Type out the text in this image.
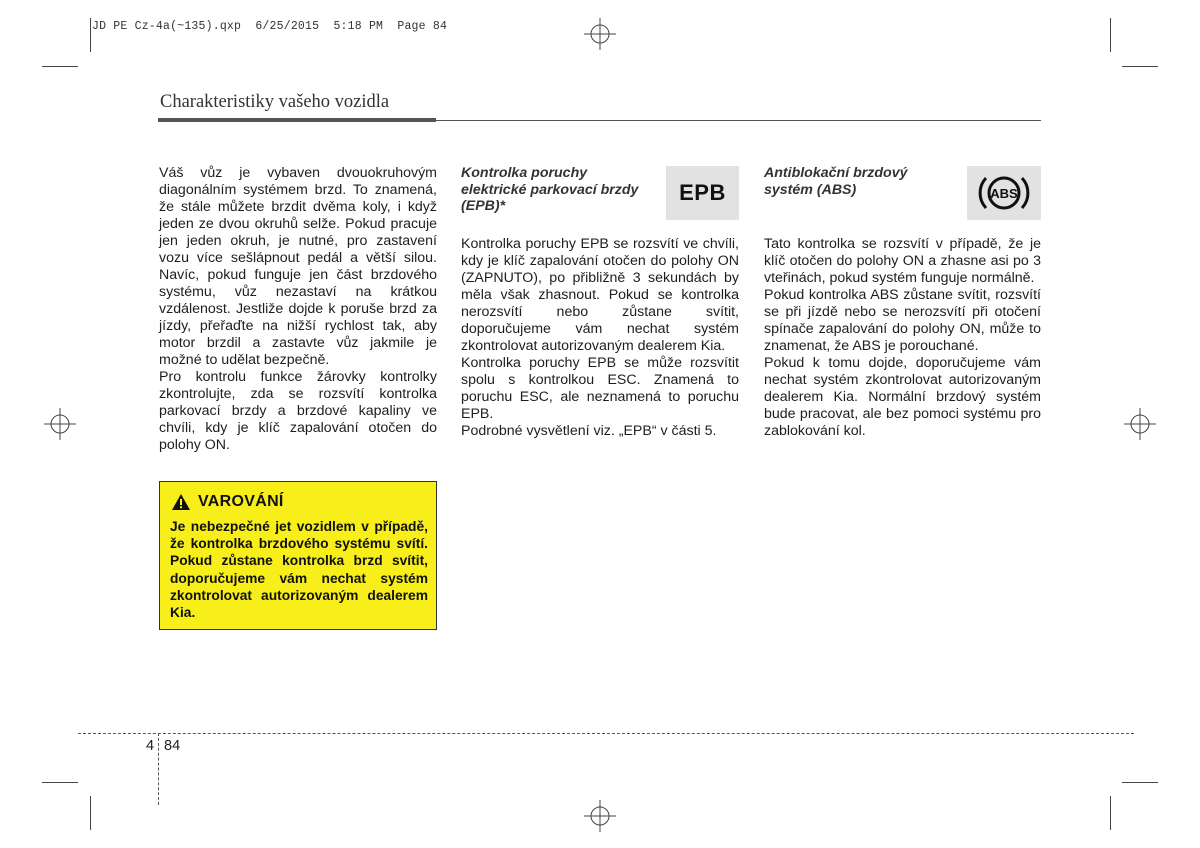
JD PE Cz-4a(~135).qxp  6/25/2015  5:18 PM  Page 84
Charakteristiky vašeho vozidla

Váš vůz je vybaven dvouokruhovým diagonálním systémem brzd. To znamená, že stále můžete brzdit dvěma koly, i když jeden ze dvou okruhů selže. Pokud pracuje jen jeden okruh, je nutné, pro zastavení vozu více sešlápnout pedál a větší silou. Navíc, pokud funguje jen část brzdového systému, vůz nezastaví na krátkou vzdálenost. Jestliže dojde k poruše brzd za jízdy, přeřaďte na nižší rychlost tak, aby motor brzdil a zastavte vůz jakmile je možné to udělat bezpečně.

Pro kontrolu funkce žárovky kontrolky zkontrolujte, zda se rozsvítí kontrolka parkovací brzdy a brzdové kapaliny ve chvíli, kdy je klíč zapalování otočen do polohy ON.

VAROVÁNÍ
Je nebezpečné jet vozidlem v případě, že kontrolka brzdového systému svítí. Pokud zůstane kontrolka brzd svítit, doporučujeme vám nechat systém zkontrolovat autorizovaným dealerem Kia.
Kontrolka poruchy elektrické parkovací brzdy (EPB)*
EPB

Kontrolka poruchy EPB se rozsvítí ve chvíli, kdy je klíč zapalování otočen do polohy ON (ZAPNUTO), po přibližně 3 sekundách by měla však zhasnout. Pokud se kontrolka nerozsvítí nebo zůstane svítit, doporučujeme vám nechat systém zkontrolovat autorizovaným dealerem Kia.

Kontrolka poruchy EPB se může rozsvítit spolu s kontrolkou ESC. Znamená to poruchu ESC, ale neznamená to poruchu EPB.

Podrobné vysvětlení viz. „EPB“ v části 5.

Antiblokační brzdový systém (ABS)	ABS

Tato kontrolka se rozsvítí v případě, že je klíč otočen do polohy ON a zhasne asi po 3 vteřinách, pokud systém funguje normálně.

Pokud kontrolka ABS zůstane svítit, rozsvítí se při jízdě nebo se nerozsvítí při otočení spínače zapalování do polohy ON, může to znamenat, že ABS je porouchané.

Pokud k tomu dojde, doporučujeme vám nechat systém zkontrolovat autorizovaným dealerem Kia. Normální brzdový systém bude pracovat, ale bez pomoci systému pro zablokování kol.

4 84
